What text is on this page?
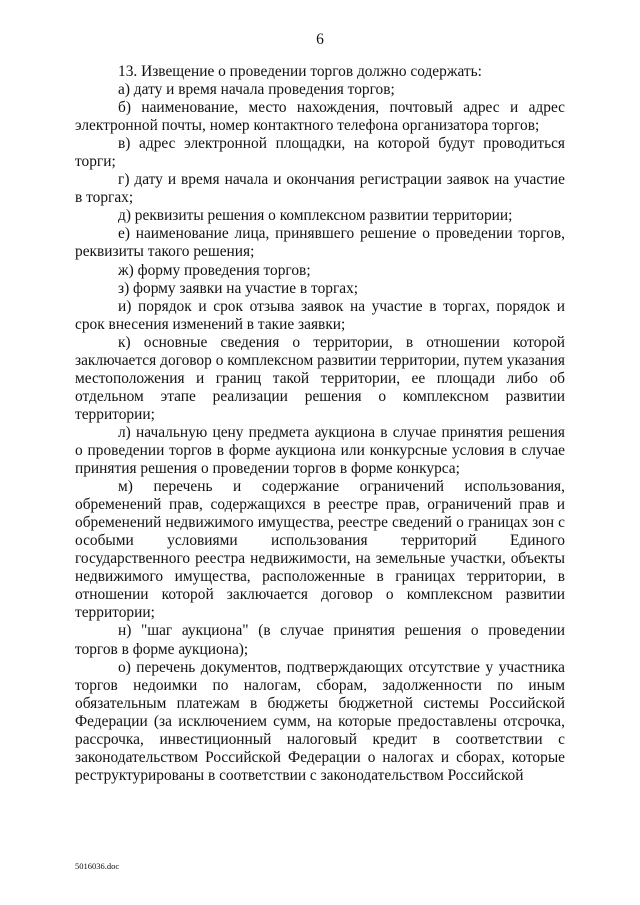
6

13. Извещение о проведении торгов должно содержать:

а) дату и время начала проведения торгов;

б) наименование, место нахождения, почтовый адрес и адрес электронной почты, номер контактного телефона организатора торгов;

в) адрес электронной площадки, на которой будут проводиться торги;

г) дату и время начала и окончания регистрации заявок на участие в торгах;

д) реквизиты решения о комплексном развитии территории;

е) наименование лица, принявшего решение о проведении торгов, реквизиты такого решения;

ж) форму проведения торгов;

з) форму заявки на участие в торгах;

и) порядок и срок отзыва заявок на участие в торгах, порядок и срок внесения изменений в такие заявки;

к) основные сведения о территории, в отношении которой заключается договор о комплексном развитии территории, путем указания местоположения и границ такой территории, ее площади либо об отдельном этапе реализации решения о комплексном развитии территории;

л) начальную цену предмета аукциона в случае принятия решения о проведении торгов в форме аукциона или конкурсные условия в случае принятия решения о проведении торгов в форме конкурса;

м) перечень и содержание ограничений использования, обременений прав, содержащихся в реестре прав, ограничений прав и обременений недвижимого имущества, реестре сведений о границах зон с особыми условиями использования территорий Единого государственного реестра недвижимости, на земельные участки, объекты недвижимого имущества, расположенные в границах территории, в отношении которой заключается договор о комплексном развитии территории;

н) "шаг аукциона" (в случае принятия решения о проведении торгов в форме аукциона);

о) перечень документов, подтверждающих отсутствие у участника торгов недоимки по налогам, сборам, задолженности по иным обязательным платежам в бюджеты бюджетной системы Российской Федерации (за исключением сумм, на которые предоставлены отсрочка, рассрочка, инвестиционный налоговый кредит в соответствии с законодательством Российской Федерации о налогах и сборах, которые реструктурированы в соответствии с законодательством Российской

5016036.doc
